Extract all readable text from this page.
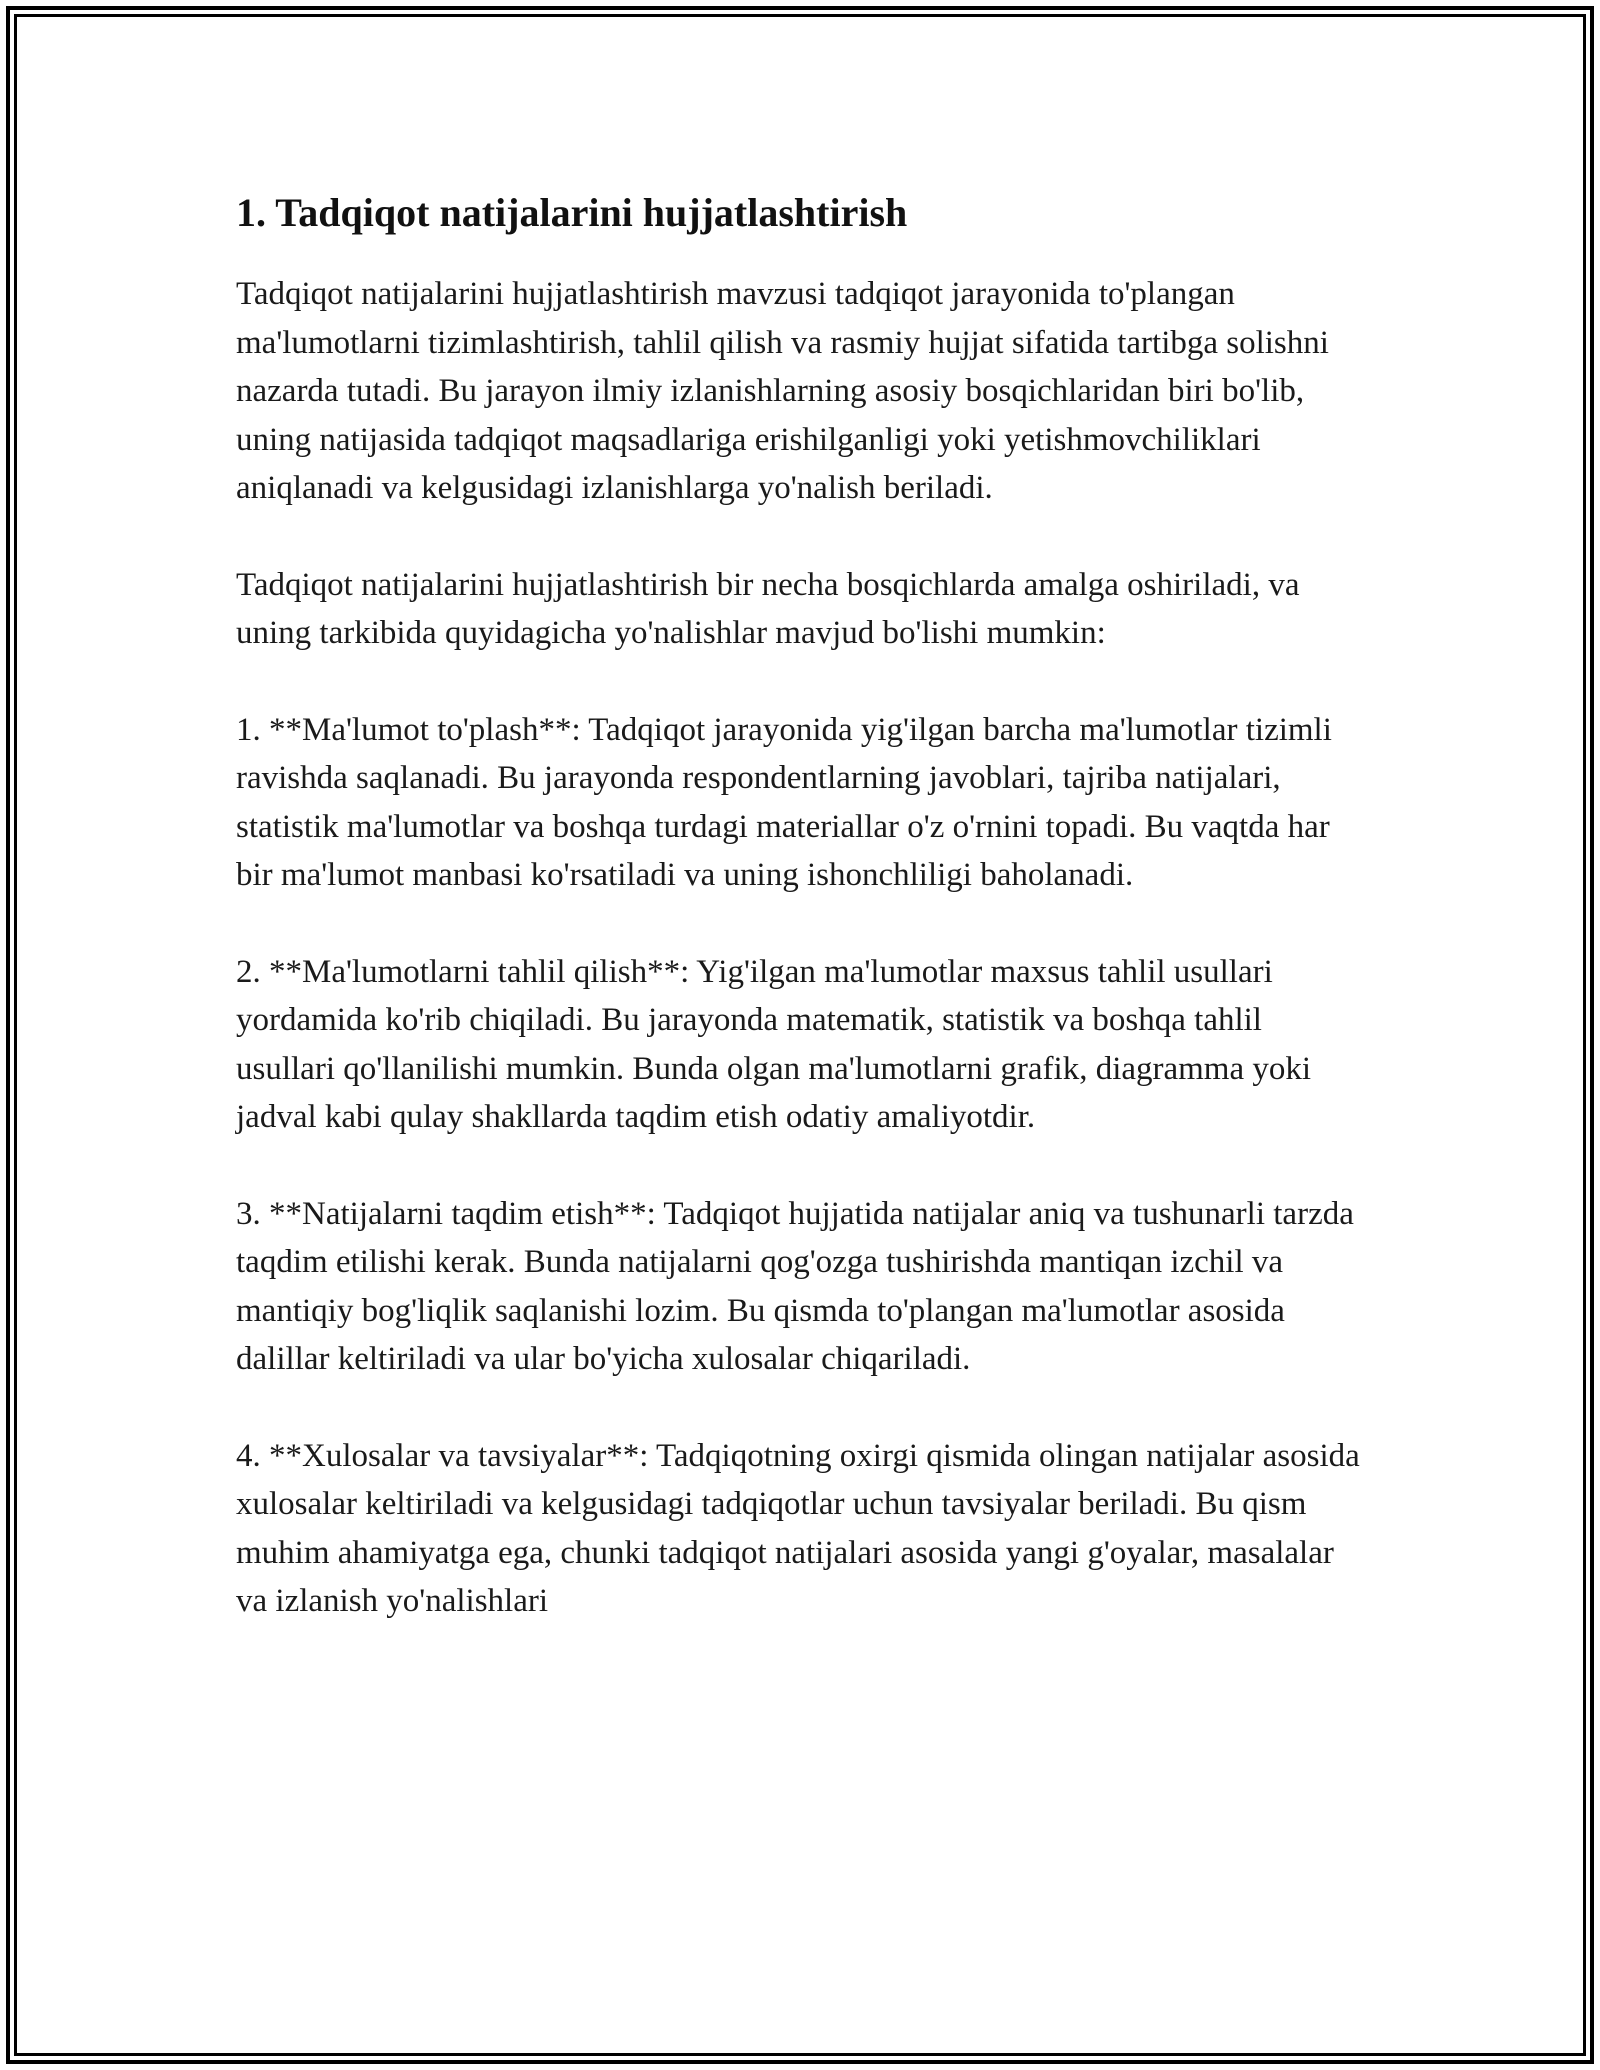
1. Tadqiqot natijalarini hujjatlashtirish

Tadqiqot natijalarini hujjatlashtirish mavzusi tadqiqot jarayonida to'plangan ma'lumotlarni tizimlashtirish, tahlil qilish va rasmiy hujjat sifatida tartibga solishni nazarda tutadi. Bu jarayon ilmiy izlanishlarning asosiy bosqichlaridan biri bo'lib, uning natijasida tadqiqot maqsadlariga erishilganligi yoki yetishmovchiliklari aniqlanadi va kelgusidagi izlanishlarga yo'nalish beriladi.

Tadqiqot natijalarini hujjatlashtirish bir necha bosqichlarda amalga oshiriladi, va uning tarkibida quyidagicha yo'nalishlar mavjud bo'lishi mumkin:

1. **Ma'lumot to'plash**: Tadqiqot jarayonida yig'ilgan barcha ma'lumotlar tizimli ravishda saqlanadi. Bu jarayonda respondentlarning javoblari, tajriba natijalari, statistik ma'lumotlar va boshqa turdagi materiallar o'z o'rnini topadi. Bu vaqtda har bir ma'lumot manbasi ko'rsatiladi va uning ishonchliligi baholanadi.

2. **Ma'lumotlarni tahlil qilish**: Yig'ilgan ma'lumotlar maxsus tahlil usullari yordamida ko'rib chiqiladi. Bu jarayonda matematik, statistik va boshqa tahlil usullari qo'llanilishi mumkin. Bunda olgan ma'lumotlarni grafik, diagramma yoki jadval kabi qulay shakllarda taqdim etish odatiy amaliyotdir.

3. **Natijalarni taqdim etish**: Tadqiqot hujjatida natijalar aniq va tushunarli tarzda taqdim etilishi kerak. Bunda natijalarni qog'ozga tushirishda mantiqan izchil va mantiqiy bog'liqlik saqlanishi lozim. Bu qismda to'plangan ma'lumotlar asosida dalillar keltiriladi va ular bo'yicha xulosalar chiqariladi.

4. **Xulosalar va tavsiyalar**: Tadqiqotning oxirgi qismida olingan natijalar asosida xulosalar keltiriladi va kelgusidagi tadqiqotlar uchun tavsiyalar beriladi. Bu qism muhim ahamiyatga ega, chunki tadqiqot natijalari asosida yangi g'oyalar, masalalar va izlanish yo'nalishlari
